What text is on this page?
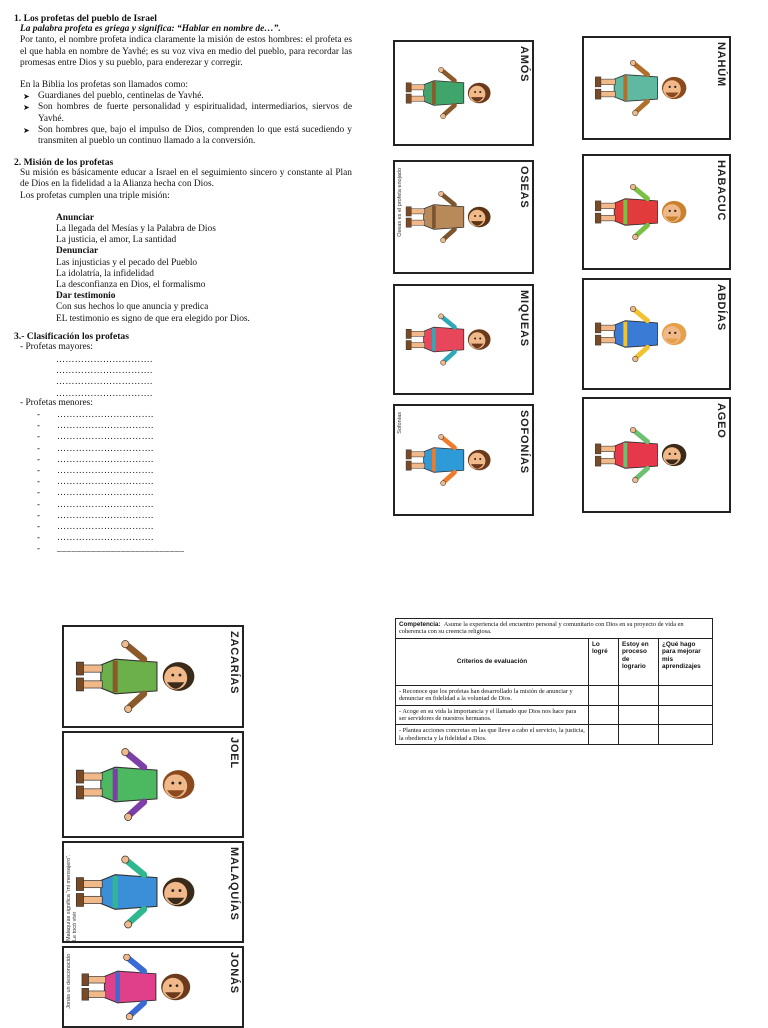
1. Los profetas del pueblo de Israel

La palabra profeta es griega y significa: “Hablar en nombre de…”.

Por tanto, el nombre profeta indica claramente la misión de estos hombres: el profeta es el que habla en nombre de Yavhé; es su voz viva en medio del pueblo, para recordar las promesas entre Dios y su pueblo, para enderezar y corregir.

En la Biblia los profetas son llamados como:

➤ Guardianes del pueblo, centinelas de Yavhé.

➤ Son hombres de fuerte personalidad y espiritualidad, intermediarios, siervos de Yavhé.

➤ Son hombres que, bajo el impulso de Dios, comprenden lo que está sucediendo y transmiten al pueblo un continuo llamado a la conversión.

2. Misión de los profetas

Su misión es básicamente educar a Israel en el seguimiento sincero y constante al Plan de Dios en la fidelidad a la Alianza hecha con Dios.

Los profetas cumplen una triple misión:

Anunciar
La llegada del Mesías y la Palabra de Dios
La justicia, el amor, La santidad
Denunciar
Las injusticias y el pecado del Pueblo
La idolatría, la infidelidad
La desconfianza en Dios, el formalismo
Dar testimonio
Con sus hechos lo que anuncia y predica
EL testimonio es signo de que era elegido por Dios.
3.- Clasificación los profetas
- Profetas mayores:
………………………….
………………………….
………………………….
………………………….
- Profetas menores:
- ………………………….
- ………………………….
- ………………………….
- ………………………….
- ………………………….
- ………………………….
- ………………………….
- ………………………….
- ………………………….
- ………………………….
- ………………………….
- ………………………….
- __________________________
AMÓS	NAHÚM
OSEAS
Oseas es el profeta enojado	HABACUC
MIQUEAS	ABDÍAS
SOFONÍAS
Sofonías	AGEO
ZACARÍAS
JOEL
MALAQUÍAS
Malaquías significa “mi mensajero”. Le tocó vivir
JONÁS
Jonás un desconocido
Competencia: Asume la experiencia del encuentro personal y comunitario con Dios en su proyecto de vida en coherencia con su creencia religiosa.			
Criterios de evaluación	Lo logré	Estoy en proceso de logrario	¿Qué hago para mejorar mis aprendizajes
- Reconoce que los profetas han desarrollado la misión de anunciar y denunciar en fidelidad a la voluntad de Dios.			
- Acoge en su vida la importancia y el llamado que Dios nos hace para ser servidores de nuestros hermanos.			
- Plantea acciones concretas en las que lleve a cabo el servicio, la justicia, la obediencia y la fidelidad a Dios.			
